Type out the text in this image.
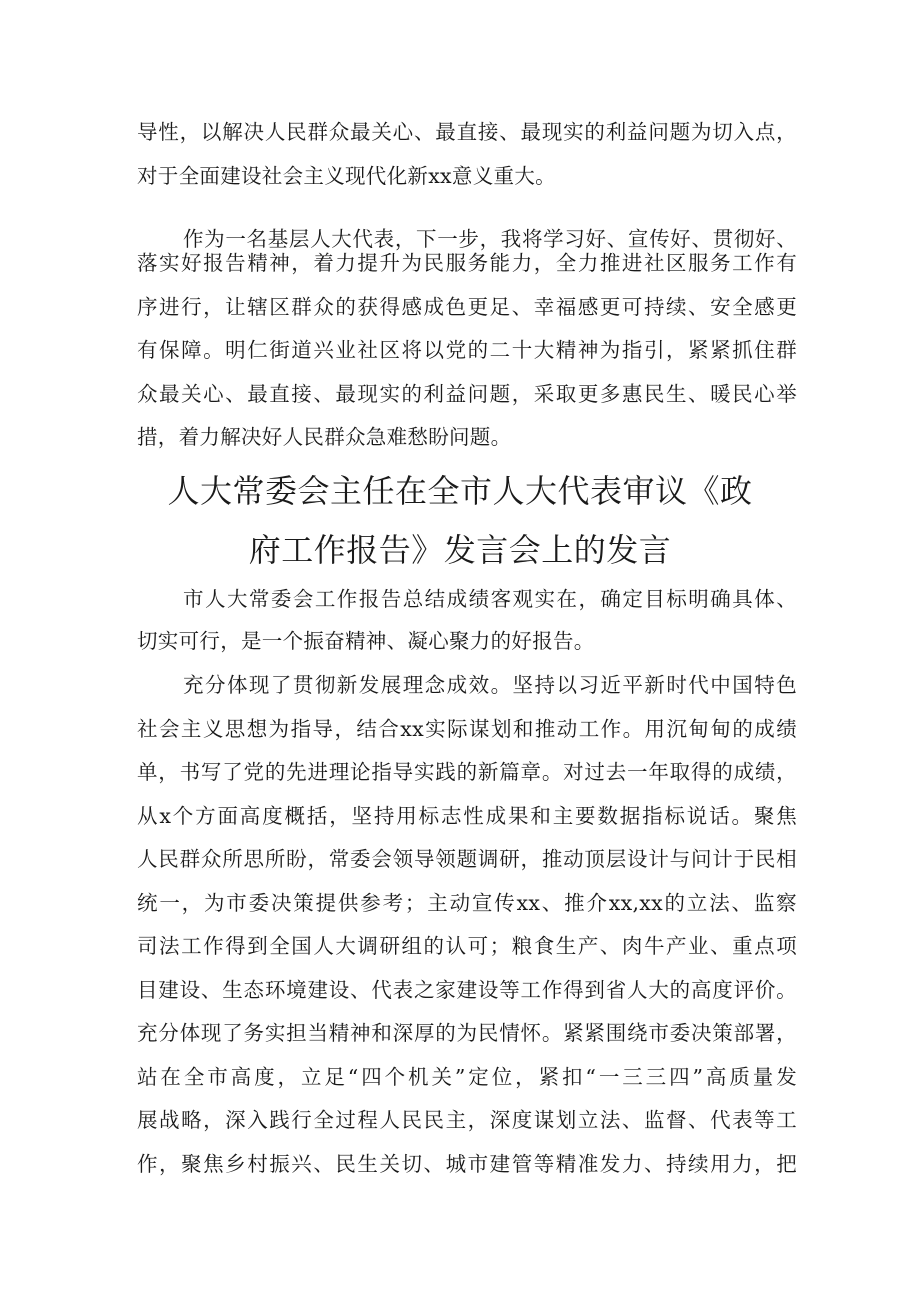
导性，以解决人民群众最关心、最直接、最现实的利益问题为切入点，
对于全面建设社会主义现代化新xx意义重大。
作为一名基层人大代表，下一步，我将学习好、宣传好、贯彻好、
落实好报告精神，着力提升为民服务能力，全力推进社区服务工作有
序进行，让辖区群众的获得感成色更足、幸福感更可持续、安全感更
有保障。明仁街道兴业社区将以党的二十大精神为指引，紧紧抓住群
众最关心、最直接、最现实的利益问题，采取更多惠民生、暖民心举
措，着力解决好人民群众急难愁盼问题。
人大常委会主任在全市人大代表审议《政
府工作报告》发言会上的发言
市人大常委会工作报告总结成绩客观实在，确定目标明确具体、
切实可行，是一个振奋精神、凝心聚力的好报告。
充分体现了贯彻新发展理念成效。坚持以习近平新时代中国特色
社会主义思想为指导，结合xx实际谋划和推动工作。用沉甸甸的成绩
单，书写了党的先进理论指导实践的新篇章。对过去一年取得的成绩，
从x个方面高度概括，坚持用标志性成果和主要数据指标说话。聚焦
人民群众所思所盼，常委会领导领题调研，推动顶层设计与问计于民相
统一，为市委决策提供参考；主动宣传xx、推介xx,xx的立法、监察
司法工作得到全国人大调研组的认可；粮食生产、肉牛产业、重点项
目建设、生态环境建设、代表之家建设等工作得到省人大的高度评价。
充分体现了务实担当精神和深厚的为民情怀。紧紧围绕市委决策部署，
站在全市高度，立足“四个机关”定位，紧扣“一三三四”高质量发
展战略，深入践行全过程人民民主，深度谋划立法、监督、代表等工
作，聚焦乡村振兴、民生关切、城市建管等精准发力、持续用力，把
